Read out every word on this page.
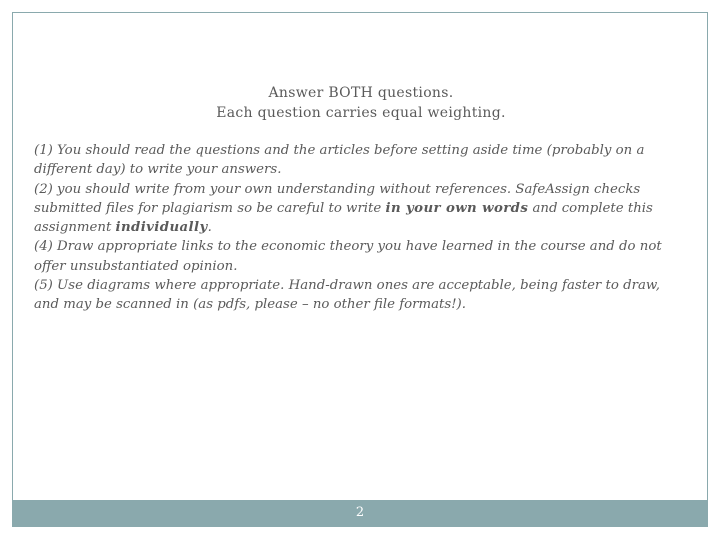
Answer BOTH questions.
Each question carries equal weighting.

(1) You should read the questions and the articles before setting aside time (probably on a different day) to write your answers.

(2) you should write from your own understanding without references. SafeAssign checks submitted files for plagiarism so be careful to write in your own words and complete this assignment individually.

(4) Draw appropriate links to the economic theory you have learned in the course and do not offer unsubstantiated opinion.

(5) Use diagrams where appropriate. Hand-drawn ones are acceptable, being faster to draw, and may be scanned in (as pdfs, please – no other file formats!).

2
